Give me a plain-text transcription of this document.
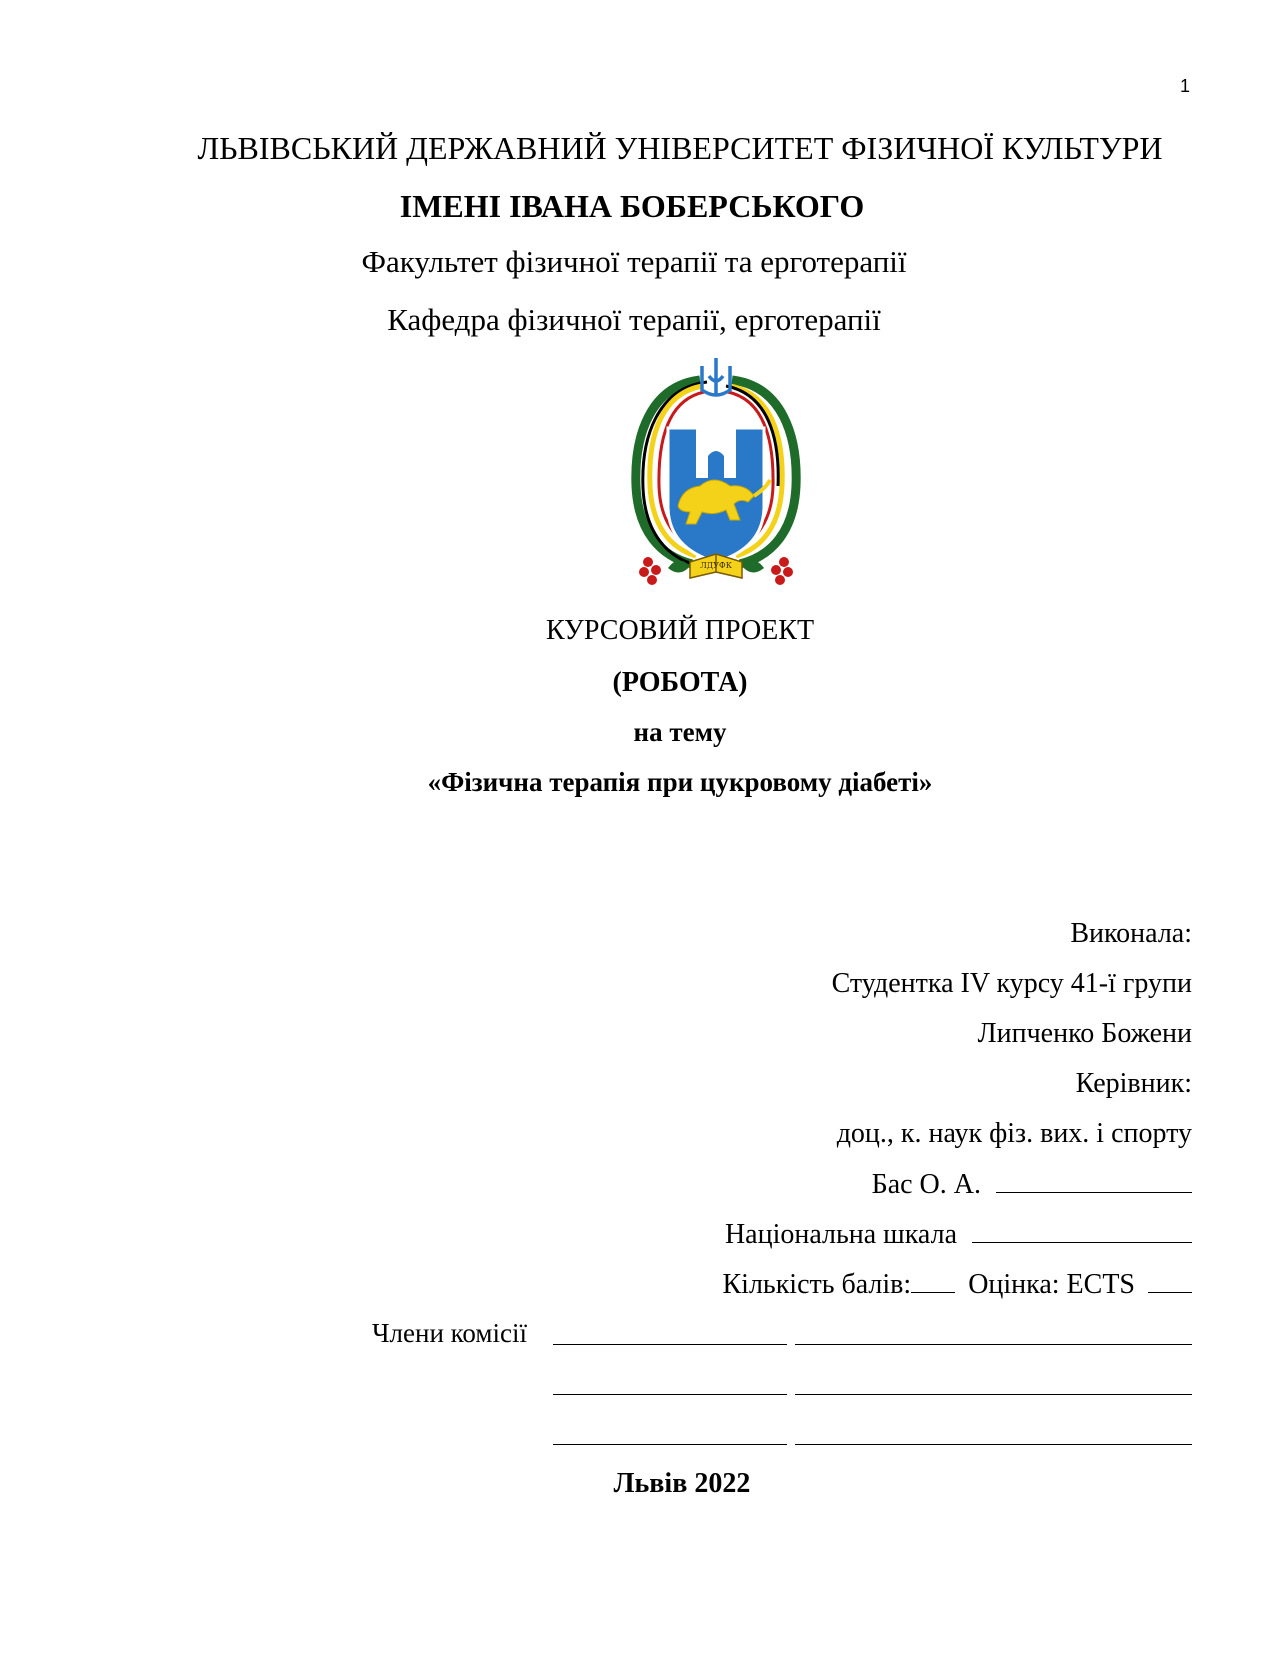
1
ЛЬВІВСЬКИЙ ДЕРЖАВНИЙ УНІВЕРСИТЕТ ФІЗИЧНОЇ КУЛЬТУРИ
ІМЕНІ ІВАНА БОБЕРСЬКОГО
Факультет фізичної терапії та ерготерапії
Кафедра фізичної терапії, ерготерапії
ЛДУФК
КУРСОВИЙ ПРОЕКТ
(РОБОТА)
на тему
«Фізична терапія при цукровому діабеті»
Виконала:
Студентка IV курсу 41-ї групи
Липченко Божени
Керівник:
доц., к. наук фіз. вих. і спорту
Бас О. А.
Національна шкала
Кількість балів: Оцінка: ECTS
Члени комісії
Львів 2022
